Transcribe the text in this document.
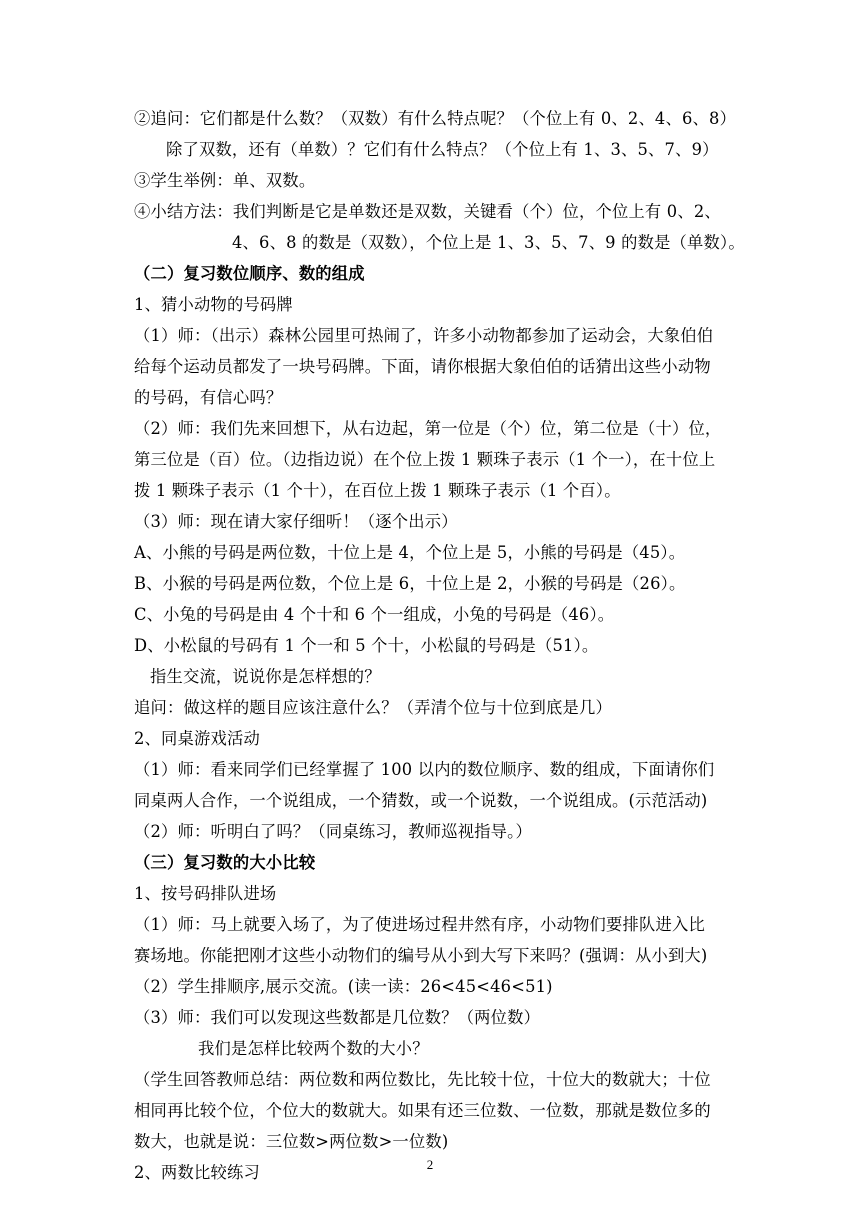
②追问：它们都是什么数？（双数）有什么特点呢？（个位上有 0、2、4、6、8）
除了双数，还有（单数）？它们有什么特点？（个位上有 1、3、5、7、9）
③学生举例：单、双数。
④小结方法：我们判断是它是单数还是双数，关键看（个）位，个位上有 0、2、
4、6、8 的数是（双数），个位上是 1、3、5、7、9 的数是（单数）。
（二）复习数位顺序、数的组成
1、猜小动物的号码牌
（1）师：（出示）森林公园里可热闹了，许多小动物都参加了运动会，大象伯伯
给每个运动员都发了一块号码牌。下面，请你根据大象伯伯的话猜出这些小动物
的号码，有信心吗？
（2）师：我们先来回想下，从右边起，第一位是（个）位，第二位是（十）位，
第三位是（百）位。（边指边说）在个位上拨 1 颗珠子表示（1 个一），在十位上
拨 1 颗珠子表示（1 个十），在百位上拨 1 颗珠子表示（1 个百）。
（3）师：现在请大家仔细听！（逐个出示）
A、小熊的号码是两位数，十位上是 4，个位上是 5，小熊的号码是（45）。
B、小猴的号码是两位数，个位上是 6，十位上是 2，小猴的号码是（26）。
C、小兔的号码是由 4 个十和 6 个一组成，小兔的号码是（46）。
D、小松鼠的号码有 1 个一和 5 个十，小松鼠的号码是（51）。
指生交流，说说你是怎样想的？
追问：做这样的题目应该注意什么？（弄清个位与十位到底是几）
2、同桌游戏活动
（1）师：看来同学们已经掌握了 100 以内的数位顺序、数的组成，下面请你们
同桌两人合作，一个说组成，一个猜数，或一个说数，一个说组成。(示范活动)
（2）师：听明白了吗？（同桌练习，教师巡视指导。）
（三）复习数的大小比较
1、按号码排队进场
（1）师：马上就要入场了，为了使进场过程井然有序，小动物们要排队进入比
赛场地。你能把刚才这些小动物们的编号从小到大写下来吗？(强调：从小到大)
（2）学生排顺序,展示交流。(读一读：26<45<46<51)
（3）师：我们可以发现这些数都是几位数？（两位数）
我们是怎样比较两个数的大小？
（学生回答教师总结：两位数和两位数比，先比较十位，十位大的数就大；十位
相同再比较个位，个位大的数就大。如果有还三位数、一位数，那就是数位多的
数大，也就是说：三位数>两位数>一位数)
2、两数比较练习	2
